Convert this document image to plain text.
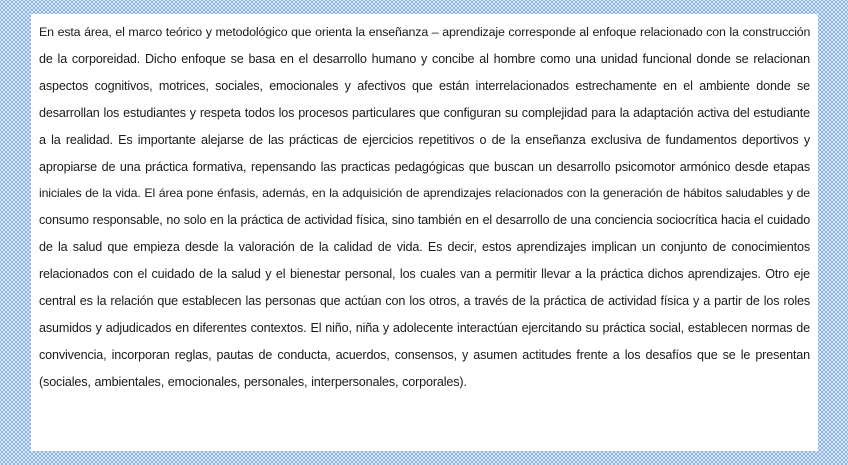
En esta área, el marco teórico y metodológico que orienta la enseñanza – aprendizaje corresponde al enfoque relacionado con la construcción
de la corporeidad. Dicho enfoque se basa en el desarrollo humano y concibe al hombre como una unidad funcional donde se relacionan
aspectos cognitivos, motrices, sociales, emocionales y afectivos que están interrelacionados estrechamente en el ambiente donde se
desarrollan los estudiantes y respeta todos los procesos particulares que configuran su complejidad para la adaptación activa del estudiante
a la realidad. Es importante alejarse de las prácticas de ejercicios repetitivos o de la enseñanza exclusiva de fundamentos deportivos y
apropiarse de una práctica formativa, repensando las practicas pedagógicas que buscan un desarrollo psicomotor armónico desde etapas
iniciales de la vida. El área pone énfasis, además, en la adquisición de aprendizajes relacionados con la generación de hábitos saludables y de
consumo responsable, no solo en la práctica de actividad física, sino también en el desarrollo de una conciencia sociocrítica hacia el cuidado
de la salud que empieza desde la valoración de la calidad de vida. Es decir, estos aprendizajes implican un conjunto de conocimientos
relacionados con el cuidado de la salud y el bienestar personal, los cuales van a permitir llevar a la práctica dichos aprendizajes. Otro eje
central es la relación que establecen las personas que actúan con los otros, a través de la práctica de actividad física y a partir de los roles
asumidos y adjudicados en diferentes contextos. El niño, niña y adolecente interactúan ejercitando su práctica social, establecen normas de
convivencia, incorporan reglas, pautas de conducta, acuerdos, consensos, y asumen actitudes frente a los desafíos que se le presentan
(sociales, ambientales, emocionales, personales, interpersonales, corporales).
